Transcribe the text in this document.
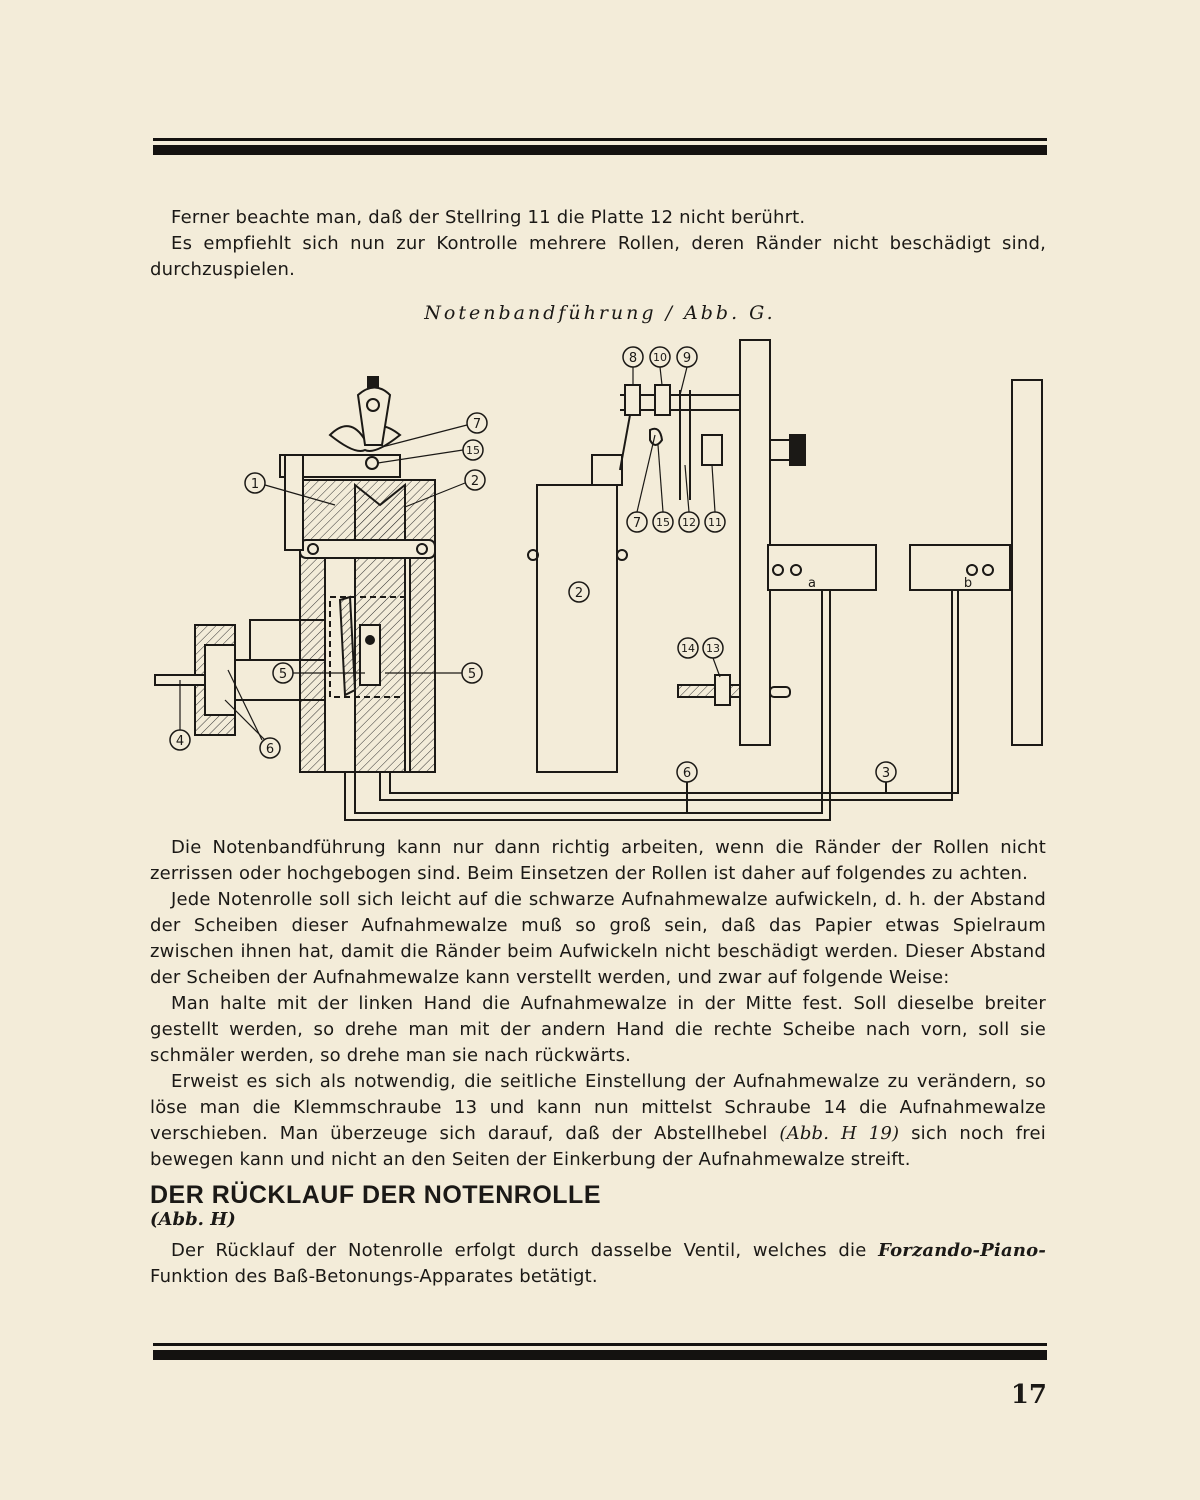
Ferner beachte man, daß der Stellring 11 die Platte 12 nicht berührt.

Es empfiehlt sich nun zur Kontrolle mehrere Rollen, deren Ränder nicht beschädigt sind, durchzuspielen.

Notenbandführung / Abb. G.
1	2
2
3
4
5	5
6
6
7
7
8	9
10
11
12
13
14
15
15
a	b

Die Notenbandführung kann nur dann richtig arbeiten, wenn die Ränder der Rollen nicht zerrissen oder hochgebogen sind. Beim Einsetzen der Rollen ist daher auf folgendes zu achten.

Jede Notenrolle soll sich leicht auf die schwarze Aufnahmewalze aufwickeln, d. h. der Abstand der Scheiben dieser Aufnahmewalze muß so groß sein, daß das Papier etwas Spielraum zwischen ihnen hat, damit die Ränder beim Aufwickeln nicht beschädigt werden. Dieser Abstand der Scheiben der Aufnahmewalze kann verstellt werden, und zwar auf folgende Weise:

Man halte mit der linken Hand die Aufnahmewalze in der Mitte fest. Soll dieselbe breiter gestellt werden, so drehe man mit der andern Hand die rechte Scheibe nach vorn, soll sie schmäler werden, so drehe man sie nach rückwärts.

Erweist es sich als notwendig, die seitliche Einstellung der Aufnahmewalze zu verändern, so löse man die Klemmschraube 13 und kann nun mittelst Schraube 14 die Aufnahmewalze verschieben. Man überzeuge sich darauf, daß der Abstellhebel (Abb. H 19) sich noch frei bewegen kann und nicht an den Seiten der Einkerbung der Aufnahmewalze streift.

DER RÜCKLAUF DER NOTENROLLE
(Abb. H)

Der Rücklauf der Notenrolle erfolgt durch dasselbe Ventil, welches die Forzando-Piano- Funktion des Baß-Betonungs-Apparates betätigt.

17
